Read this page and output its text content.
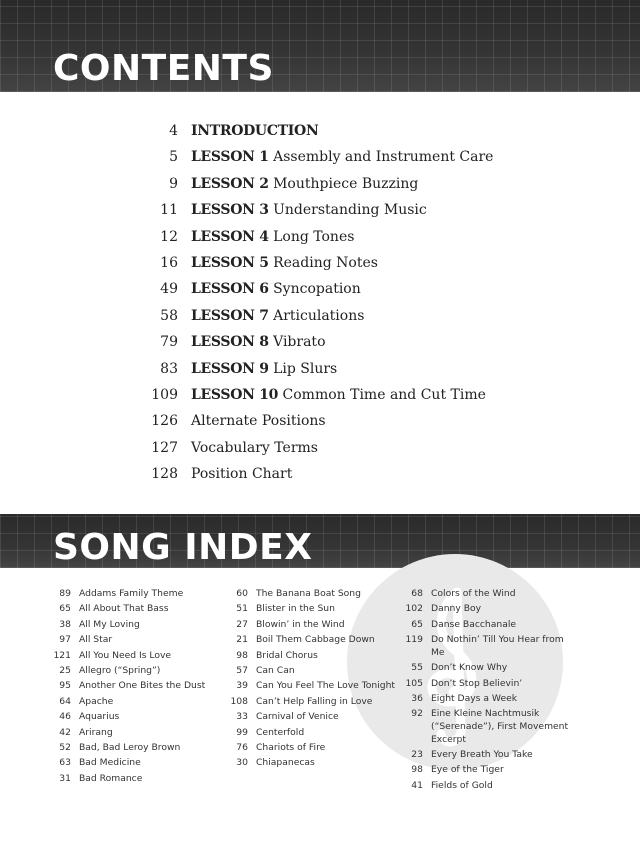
CONTENTS
4 INTRODUCTION
5 LESSON 1 Assembly and Instrument Care
9 LESSON 2 Mouthpiece Buzzing
11 LESSON 3 Understanding Music
12 LESSON 4 Long Tones
16 LESSON 5 Reading Notes
49 LESSON 6 Syncopation
58 LESSON 7 Articulations
79 LESSON 8 Vibrato
83 LESSON 9 Lip Slurs
109 LESSON 10 Common Time and Cut Time
126 Alternate Positions
127 Vocabulary Terms
128 Position Chart
SONG INDEX
89 Addams Family Theme
65 All About That Bass
38 All My Loving
97 All Star
121 All You Need Is Love
25 Allegro (“Spring”)
95 Another One Bites the Dust
64 Apache
46 Aquarius
42 Arirang
52 Bad, Bad Leroy Brown
63 Bad Medicine
31 Bad Romance
60 The Banana Boat Song
51 Blister in the Sun
27 Blowin’ in the Wind
21 Boil Them Cabbage Down
98 Bridal Chorus
57 Can Can
39 Can You Feel The Love Tonight
108 Can’t Help Falling in Love
33 Carnival of Venice
99 Centerfold
76 Chariots of Fire
30 Chiapanecas
68 Colors of the Wind
102 Danny Boy
65 Danse Bacchanale
119 Do Nothin’ Till You Hear from Me
55 Don’t Know Why
105 Don’t Stop Believin’
36 Eight Days a Week
92 Eine Kleine Nachtmusik (“Serenade”), First Movement Excerpt
23 Every Breath You Take
98 Eye of the Tiger
41 Fields of Gold
